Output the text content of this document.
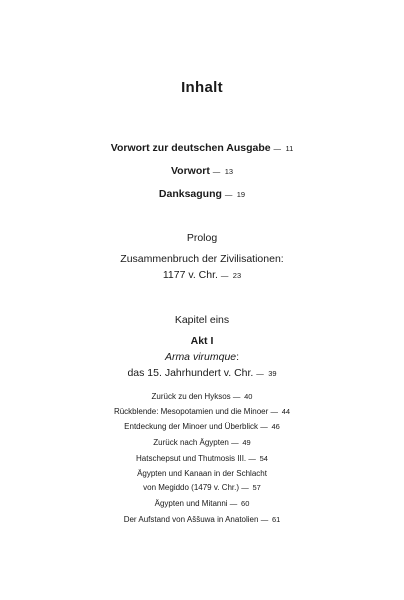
Inhalt
Vorwort zur deutschen Ausgabe — 11
Vorwort — 13
Danksagung — 19
Prolog
Zusammenbruch der Zivilisationen:
1177 v. Chr. — 23
Kapitel eins
Akt I
Arma virumque:
das 15. Jahrhundert v. Chr. — 39
Zurück zu den Hyksos — 40
Rückblende: Mesopotamien und die Minoer — 44
Entdeckung der Minoer und Überblick — 46
Zurück nach Ägypten — 49
Hatschepsut und Thutmosis III. — 54
Ägypten und Kanaan in der Schlacht
von Megiddo (1479 v. Chr.) — 57
Ägypten und Mitanni — 60
Der Aufstand von Aššuwa in Anatolien — 61
